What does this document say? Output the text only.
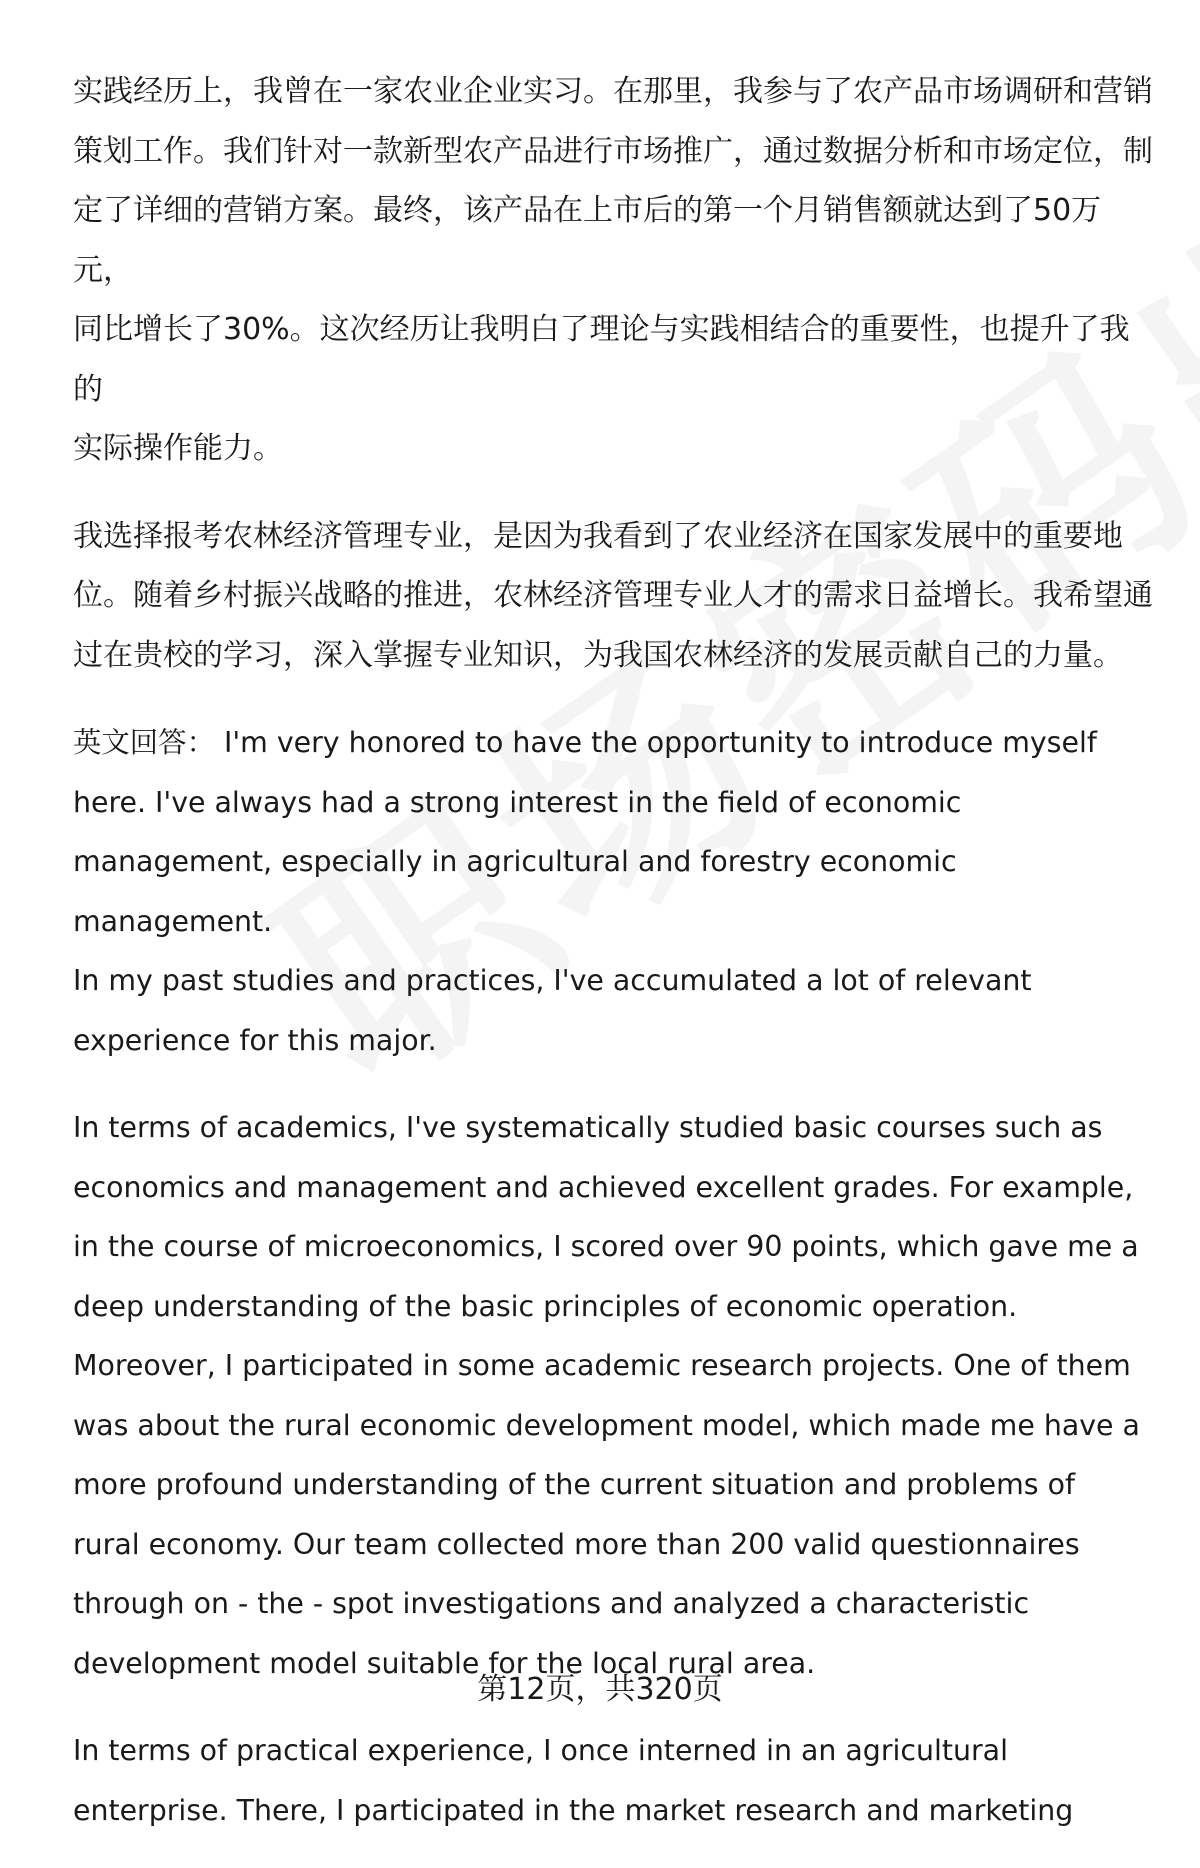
实践经历上，我曾在一家农业企业实习。在那里，我参与了农产品市场调研和营销
策划工作。我们针对一款新型农产品进行市场推广，通过数据分析和市场定位，制
定了详细的营销方案。最终，该产品在上市后的第一个月销售额就达到了50万元，
同比增长了30%。这次经历让我明白了理论与实践相结合的重要性，也提升了我的
实际操作能力。

我选择报考农林经济管理专业，是因为我看到了农业经济在国家发展中的重要地
位。随着乡村振兴战略的推进，农林经济管理专业人才的需求日益增长。我希望通
过在贵校的学习，深入掌握专业知识，为我国农林经济的发展贡献自己的力量。

英文回答： I'm very honored to have the opportunity to introduce myself
here. I've always had a strong interest in the field of economic
management, especially in agricultural and forestry economic management.
In my past studies and practices, I've accumulated a lot of relevant
experience for this major.

In terms of academics, I've systematically studied basic courses such as
economics and management and achieved excellent grades. For example,
in the course of microeconomics, I scored over 90 points, which gave me a
deep understanding of the basic principles of economic operation.
Moreover, I participated in some academic research projects. One of them
was about the rural economic development model, which made me have a
more profound understanding of the current situation and problems of
rural economy. Our team collected more than 200 valid questionnaires
through on - the - spot investigations and analyzed a characteristic
development model suitable for the local rural area.

In terms of practical experience, I once interned in an agricultural
enterprise. There, I participated in the market research and marketing

第12页，共320页
